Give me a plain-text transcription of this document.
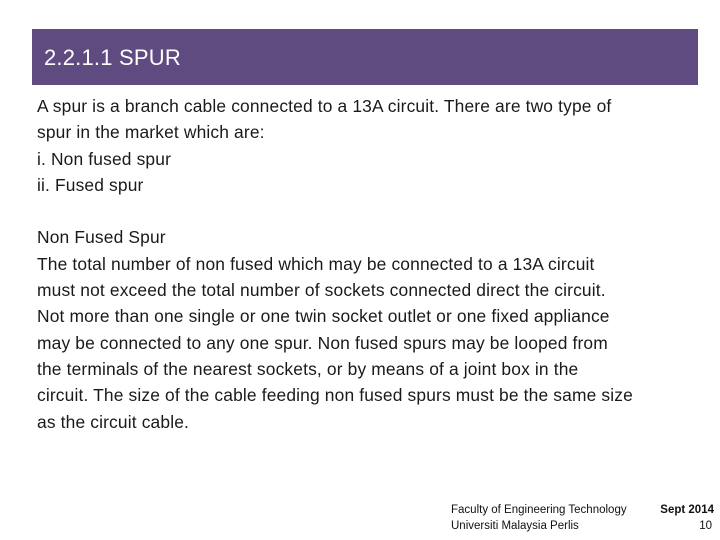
2.2.1.1 SPUR
A spur is a branch cable connected to a 13A circuit. There are two type of
spur in the market which are:
i. Non fused spur
ii. Fused spur
Non Fused Spur
The total number of non fused which may be connected to a 13A circuit
must not exceed the total number of sockets connected direct the circuit.
Not more than one single or one twin socket outlet or one fixed appliance
may be connected to any one spur. Non fused spurs may be looped from
the terminals of the nearest sockets, or by means of a joint box in the
circuit. The size of the cable feeding non fused spurs must be the same size
as the circuit cable.
Faculty of Engineering Technology
Universiti Malaysia Perlis
Sept 2014
10
